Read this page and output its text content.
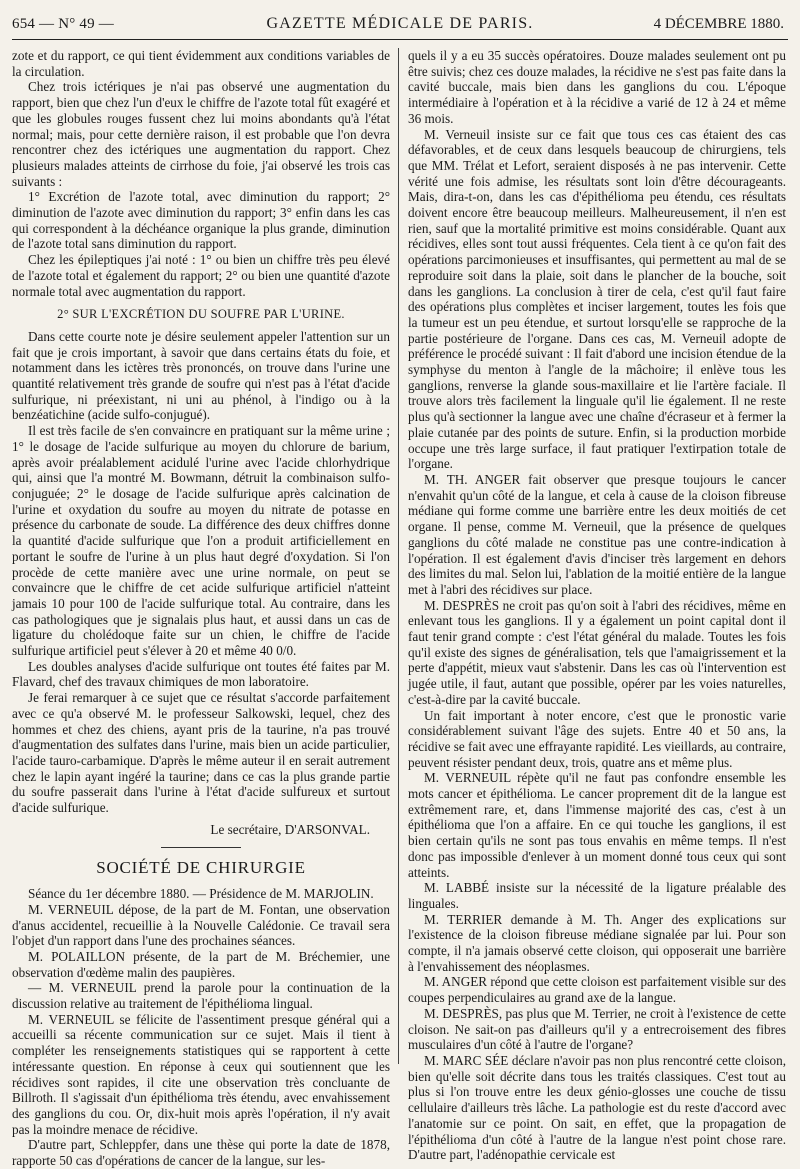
654 — N° 49 —	GAZETTE MÉDICALE DE PARIS.	4 DÉCEMBRE 1880.

zote et du rapport, ce qui tient évidemment aux conditions variables de la circulation.

Chez trois ictériques je n'ai pas observé une augmentation du rapport, bien que chez l'un d'eux le chiffre de l'azote total fût exagéré et que les globules rouges fussent chez lui moins abondants qu'à l'état normal; mais, pour cette dernière raison, il est probable que l'on devra rencontrer chez des ictériques une augmentation du rapport. Chez plusieurs malades atteints de cirrhose du foie, j'ai observé les trois cas suivants :

1° Excrétion de l'azote total, avec diminution du rapport; 2° diminution de l'azote avec diminution du rapport; 3° enfin dans les cas qui correspondent à la déchéance organique la plus grande, diminution de l'azote total sans diminution du rapport.

Chez les épileptiques j'ai noté : 1° ou bien un chiffre très peu élevé de l'azote total et également du rapport; 2° ou bien une quantité d'azote normale total avec augmentation du rapport.

2° SUR L'EXCRÉTION DU SOUFRE PAR L'URINE.

Dans cette courte note je désire seulement appeler l'attention sur un fait que je crois important, à savoir que dans certains états du foie, et notamment dans les ictères très prononcés, on trouve dans l'urine une quantité relativement très grande de soufre qui n'est pas à l'état d'acide sulfurique, ni préexistant, ni uni au phénol, à l'indigo ou à la benzéatichine (acide sulfo-conjugué).

Il est très facile de s'en convaincre en pratiquant sur la même urine ; 1° le dosage de l'acide sulfurique au moyen du chlorure de barium, après avoir préalablement acidulé l'urine avec l'acide chlorhydrique qui, ainsi que l'a montré M. Bowmann, détruit la combinaison sulfo-conjuguée; 2° le dosage de l'acide sulfurique après calcination de l'urine et oxydation du soufre au moyen du nitrate de potasse en présence du carbonate de soude. La différence des deux chiffres donne la quantité d'acide sulfurique que l'on a produit artificiellement en portant le soufre de l'urine à un plus haut degré d'oxydation. Si l'on procède de cette manière avec une urine normale, on peut se convaincre que le chiffre de cet acide sulfurique artificiel n'atteint jamais 10 pour 100 de l'acide sulfurique total. Au contraire, dans les cas pathologiques que je signalais plus haut, et aussi dans un cas de ligature du cholédoque faite sur un chien, le chiffre de l'acide sulfurique artificiel peut s'élever à 20 et même 40 0/0.

Les doubles analyses d'acide sulfurique ont toutes été faites par M. Flavard, chef des travaux chimiques de mon laboratoire.

Je ferai remarquer à ce sujet que ce résultat s'accorde parfaitement avec ce qu'a observé M. le professeur Salkowski, lequel, chez des hommes et chez des chiens, ayant pris de la taurine, n'a pas trouvé d'augmentation des sulfates dans l'urine, mais bien un acide particulier, l'acide tauro-carbamique. D'après le même auteur il en serait autrement chez le lapin ayant ingéré la taurine; dans ce cas la plus grande partie du soufre passerait dans l'urine à l'état d'acide sulfureux et surtout d'acide sulfurique.

Le secrétaire, D'ARSONVAL.

SOCIÉTÉ DE CHIRURGIE

Séance du 1er décembre 1880. — Présidence de M. MARJOLIN.

M. VERNEUIL dépose, de la part de M. Fontan, une observation d'anus accidentel, recueillie à la Nouvelle Calédonie. Ce travail sera l'objet d'un rapport dans l'une des prochaines séances.

M. POLAILLON présente, de la part de M. Bréchemier, une observation d'œdème malin des paupières.

— M. VERNEUIL prend la parole pour la continuation de la discussion relative au traitement de l'épithélioma lingual.

M. VERNEUIL se félicite de l'assentiment presque général qui a accueilli sa récente communication sur ce sujet. Mais il tient à compléter les renseignements statistiques qui se rapportent à cette intéressante question. En réponse à ceux qui soutiennent que les récidives sont rapides, il cite une observation très concluante de Billroth. Il s'agissait d'un épithélioma très étendu, avec envahissement des ganglions du cou. Or, dix-huit mois après l'opération, il n'y avait pas la moindre menace de récidive.

D'autre part, Schleppfer, dans une thèse qui porte la date de 1878, rapporte 50 cas d'opérations de cancer de la langue, sur les-

quels il y a eu 35 succès opératoires. Douze malades seulement ont pu être suivis; chez ces douze malades, la récidive ne s'est pas faite dans la cavité buccale, mais bien dans les ganglions du cou. L'époque intermédiaire à l'opération et à la récidive a varié de 12 à 24 et même 36 mois.

M. Verneuil insiste sur ce fait que tous ces cas étaient des cas défavorables, et de ceux dans lesquels beaucoup de chirurgiens, tels que MM. Trélat et Lefort, seraient disposés à ne pas intervenir. Cette vérité une fois admise, les résultats sont loin d'être décourageants. Mais, dira-t-on, dans les cas d'épithélioma peu étendu, ces résultats doivent encore être beaucoup meilleurs. Malheureusement, il n'en est rien, sauf que la mortalité primitive est moins considérable. Quant aux récidives, elles sont tout aussi fréquentes. Cela tient à ce qu'on fait des opérations parcimonieuses et insuffisantes, qui permettent au mal de se reproduire soit dans la plaie, soit dans le plancher de la bouche, soit dans les ganglions. La conclusion à tirer de cela, c'est qu'il faut faire des opérations plus complètes et inciser largement, toutes les fois que la tumeur est un peu étendue, et surtout lorsqu'elle se rapproche de la partie postérieure de l'organe. Dans ces cas, M. Verneuil adopte de préférence le procédé suivant : Il fait d'abord une incision étendue de la symphyse du menton à l'angle de la mâchoire; il enlève tous les ganglions, renverse la glande sous-maxillaire et lie l'artère faciale. Il trouve alors très facilement la linguale qu'il lie également. Il ne reste plus qu'à sectionner la langue avec une chaîne d'écraseur et à fermer la plaie cutanée par des points de suture. Enfin, si la production morbide occupe une très large surface, il faut pratiquer l'extirpation totale de l'organe.

M. TH. ANGER fait observer que presque toujours le cancer n'envahit qu'un côté de la langue, et cela à cause de la cloison fibreuse médiane qui forme comme une barrière entre les deux moitiés de cet organe. Il pense, comme M. Verneuil, que la présence de quelques ganglions du côté malade ne constitue pas une contre-indication à l'opération. Il est également d'avis d'inciser très largement en dehors des limites du mal. Selon lui, l'ablation de la moitié entière de la langue met à l'abri des récidives sur place.

M. DESPRÈS ne croit pas qu'on soit à l'abri des récidives, même en enlevant tous les ganglions. Il y a également un point capital dont il faut tenir grand compte : c'est l'état général du malade. Toutes les fois qu'il existe des signes de généralisation, tels que l'amaigrissement et la perte d'appétit, mieux vaut s'abstenir. Dans les cas où l'intervention est jugée utile, il faut, autant que possible, opérer par les voies naturelles, c'est-à-dire par la cavité buccale.

Un fait important à noter encore, c'est que le pronostic varie considérablement suivant l'âge des sujets. Entre 40 et 50 ans, la récidive se fait avec une effrayante rapidité. Les vieillards, au contraire, peuvent résister pendant deux, trois, quatre ans et même plus.

M. VERNEUIL répète qu'il ne faut pas confondre ensemble les mots cancer et épithélioma. Le cancer proprement dit de la langue est extrêmement rare, et, dans l'immense majorité des cas, c'est à un épithélioma que l'on a affaire. En ce qui touche les ganglions, il est bien certain qu'ils ne sont pas tous envahis en même temps. Il n'est donc pas impossible d'enlever à un moment donné tous ceux qui sont atteints.

M. LABBÉ insiste sur la nécessité de la ligature préalable des linguales.

M. TERRIER demande à M. Th. Anger des explications sur l'existence de la cloison fibreuse médiane signalée par lui. Pour son compte, il n'a jamais observé cette cloison, qui opposerait une barrière à l'envahissement des néoplasmes.

M. ANGER répond que cette cloison est parfaitement visible sur des coupes perpendiculaires au grand axe de la langue.

M. DESPRÈS, pas plus que M. Terrier, ne croit à l'existence de cette cloison. Ne sait-on pas d'ailleurs qu'il y a entrecroisement des fibres musculaires d'un côté à l'autre de l'organe?

M. MARC SÉE déclare n'avoir pas non plus rencontré cette cloison, bien qu'elle soit décrite dans tous les traités classiques. C'est tout au plus si l'on trouve entre les deux génio-glosses une couche de tissu cellulaire d'ailleurs très lâche. La pathologie est du reste d'accord avec l'anatomie sur ce point. On sait, en effet, que la propagation de l'épithélioma d'un côté à l'autre de la langue n'est point chose rare. D'autre part, l'adénopathie cervicale est
